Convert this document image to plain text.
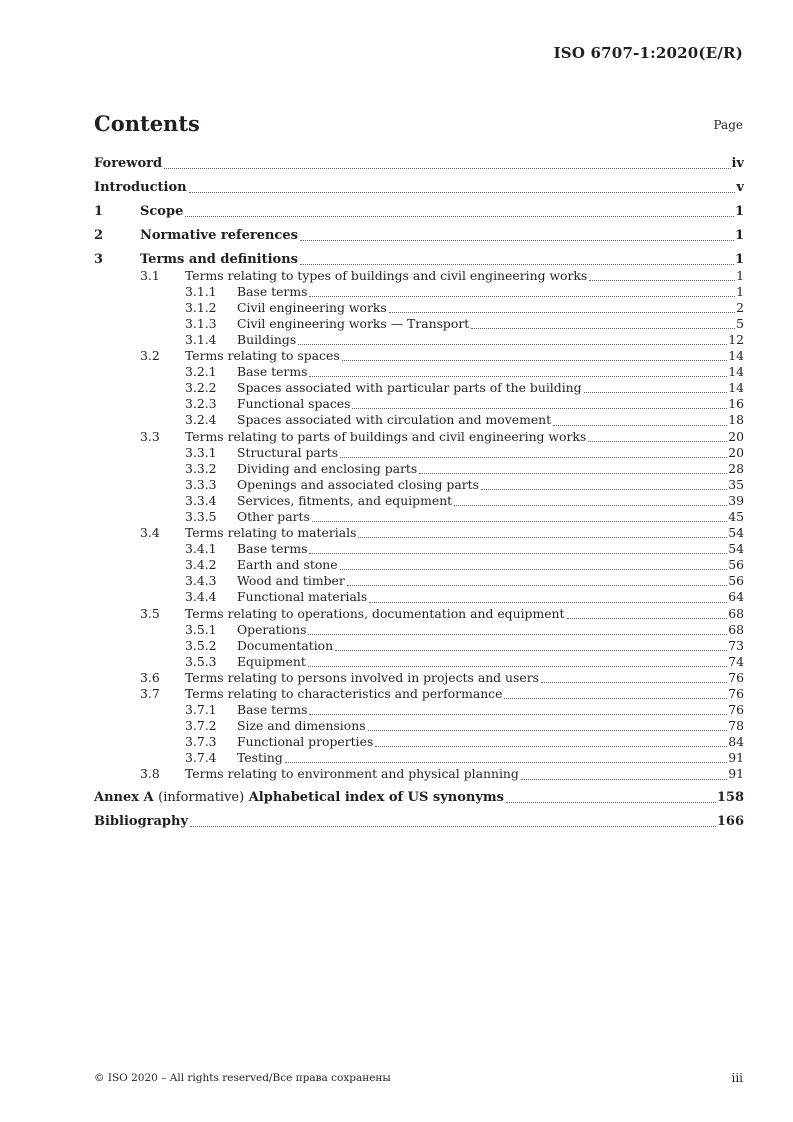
ISO 6707-1:2020(E/R)
Contents	Page
Foreword	iv
Introduction	v
1	Scope	1
2	Normative references	1
3	Terms and definitions	1
3.1	Terms relating to types of buildings and civil engineering works	1
3.1.1	Base terms	1
3.1.2	Civil engineering works	2
3.1.3	Civil engineering works — Transport	5
3.1.4	Buildings	12
3.2	Terms relating to spaces	14
3.2.1	Base terms	14
3.2.2	Spaces associated with particular parts of the building	14
3.2.3	Functional spaces	16
3.2.4	Spaces associated with circulation and movement	18
3.3	Terms relating to parts of buildings and civil engineering works	20
3.3.1	Structural parts	20
3.3.2	Dividing and enclosing parts	28
3.3.3	Openings and associated closing parts	35
3.3.4	Services, fitments, and equipment	39
3.3.5	Other parts	45
3.4	Terms relating to materials	54
3.4.1	Base terms	54
3.4.2	Earth and stone	56
3.4.3	Wood and timber	56
3.4.4	Functional materials	64
3.5	Terms relating to operations, documentation and equipment	68
3.5.1	Operations	68
3.5.2	Documentation	73
3.5.3	Equipment	74
3.6	Terms relating to persons involved in projects and users	76
3.7	Terms relating to characteristics and performance	76
3.7.1	Base terms	76
3.7.2	Size and dimensions	78
3.7.3	Functional properties	84
3.7.4	Testing	91
3.8	Terms relating to environment and physical planning	91
Annex A (informative) Alphabetical index of US synonyms	158
Bibliography	166
© ISO 2020 – All rights reserved/Все права сохранены	iii
